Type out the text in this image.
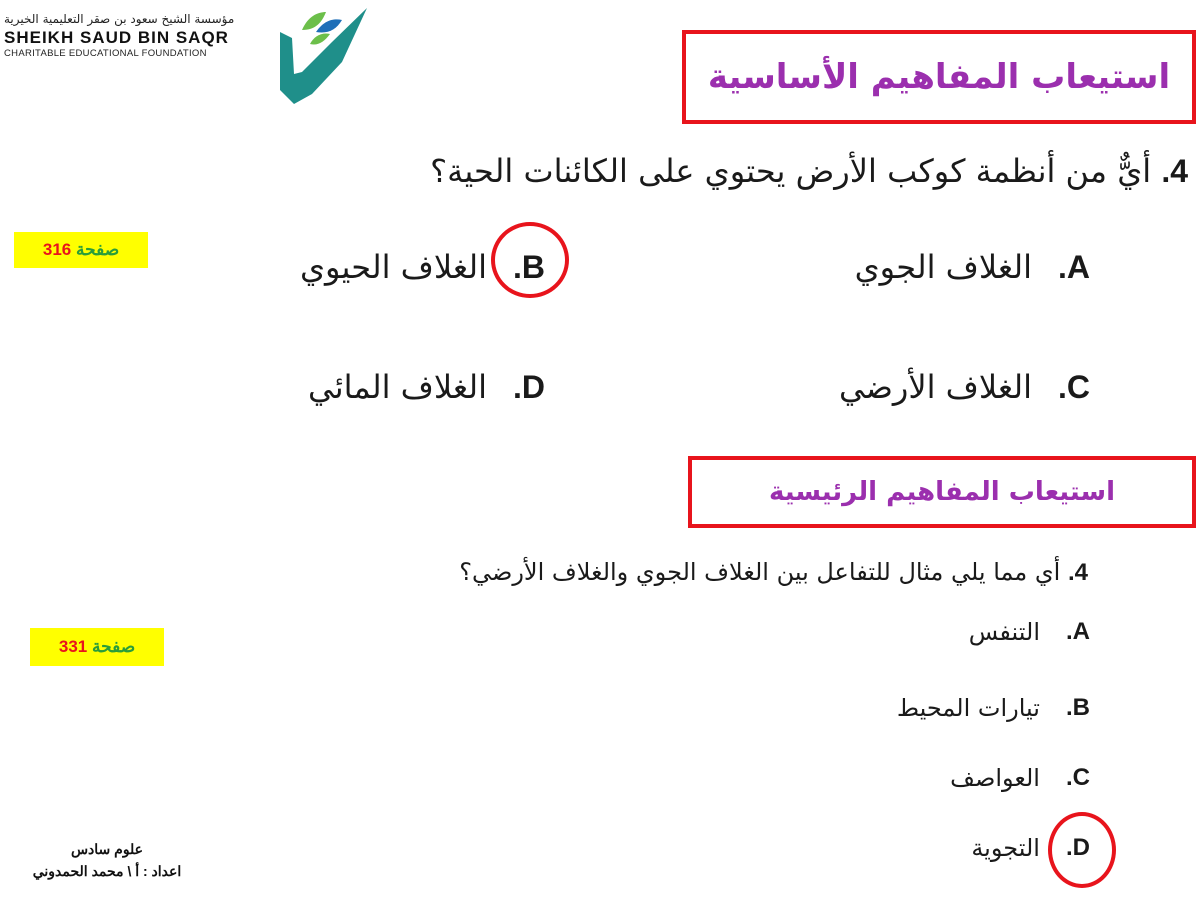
مؤسسة الشيخ سعود بن صقر التعليمية الخيرية
SHEIKH SAUD BIN SAQR
CHARITABLE EDUCATIONAL FOUNDATION
استيعاب المفاهيم الأساسية
4. أيٌّ من أنظمة كوكب الأرض يحتوي على الكائنات الحية؟
صفحة

316	A.
الغلاف الجوي
B.
الغلاف الحيوي
C.
الغلاف الأرضي
D.
الغلاف المائي
استيعاب المفاهيم الرئيسية
4. أي مما يلي مثال للتفاعل بين الغلاف الجوي والغلاف الأرضي؟
صفحة

331
A.
التنفس
B.
تيارات المحيط
C.
العواصف
D.
التجوية
علوم سادس
اعداد : أ \ محمد الحمدوني
